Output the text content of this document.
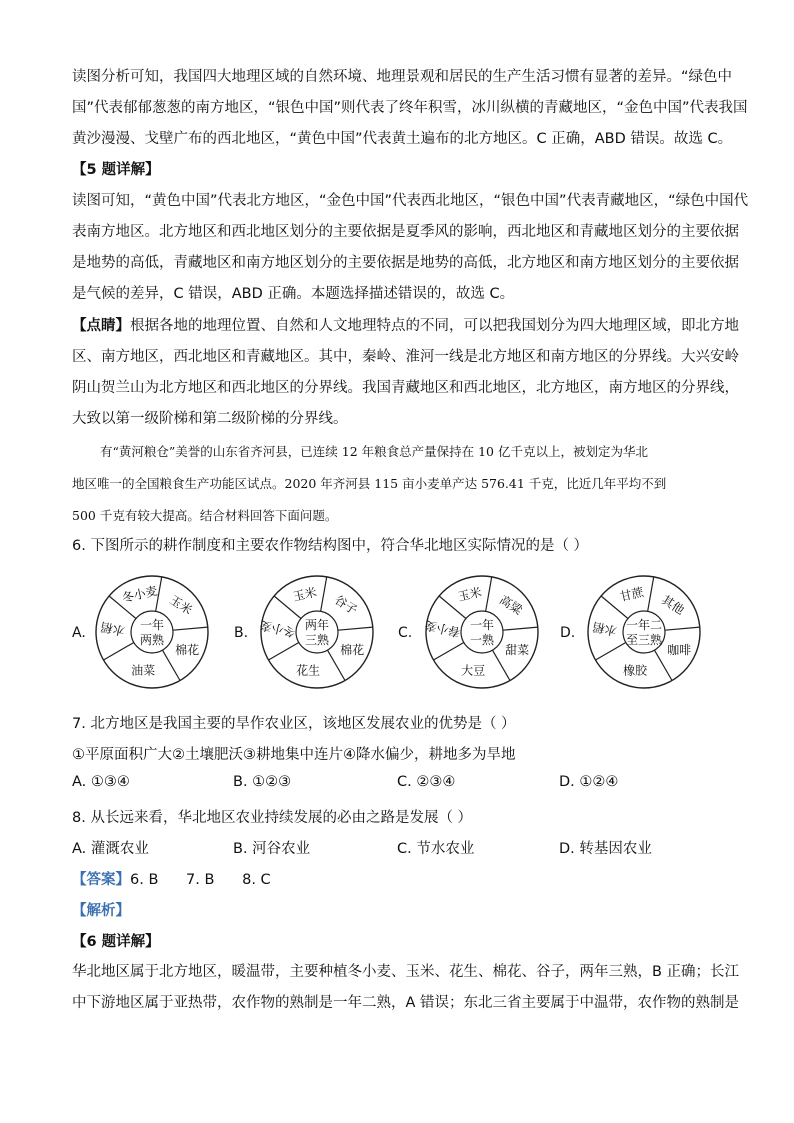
读图分析可知，我国四大地理区域的自然环境、地理景观和居民的生产生活习惯有显著的差异。“绿色中
国”代表郁郁葱葱的南方地区，“银色中国”则代表了终年积雪，冰川纵横的青藏地区，“金色中国”代表我国
黄沙漫漫、戈壁广布的西北地区，“黄色中国”代表黄土遍布的北方地区。C 正确，ABD 错误。故选 C。
【5 题详解】
读图可知，“黄色中国”代表北方地区，“金色中国”代表西北地区，“银色中国”代表青藏地区，“绿色中国代
表南方地区。北方地区和西北地区划分的主要依据是夏季风的影响，西北地区和青藏地区划分的主要依据
是地势的高低，青藏地区和南方地区划分的主要依据是地势的高低，北方地区和南方地区划分的主要依据
是气候的差异，C 错误，ABD 正确。本题选择描述错误的，故选 C。
【点睛】根据各地的地理位置、自然和人文地理特点的不同，可以把我国划分为四大地理区域，即北方地
区、南方地区，西北地区和青藏地区。其中，秦岭、淮河一线是北方地区和南方地区的分界线。大兴安岭
阴山贺兰山为北方地区和西北地区的分界线。我国青藏地区和西北地区，北方地区，南方地区的分界线，
大致以第一级阶梯和第二级阶梯的分界线。
有“黄河粮仓”美誉的山东省齐河县，已连续 12 年粮食总产量保持在 10 亿千克以上，被划定为华北
地区唯一的全国粮食生产功能区试点。2020 年齐河县 115 亩小麦单产达 576.41 千克，比近几年平均不到
500 千克有较大提高。结合材料回答下面问题。
6. 下图所示的耕作制度和主要农作物结构图中，符合华北地区实际情况的是（ ）
一年
两熟
冬小麦 玉米
棉花
油菜
水稻
A.	两年
三熟
玉米 谷子
棉花
花生
冬小麦
B.	一年
一熟
玉米 高粱
甜菜
大豆
春小麦
C.	一年二
至三熟
甘蔗 其他
咖啡
橡胶
水稻
D.
7. 北方地区是我国主要的旱作农业区，该地区发展农业的优势是（ ）
①平原面积广大②土壤肥沃③耕地集中连片④降水偏少，耕地多为旱地
A. ①③④	B. ①②③	C. ②③④	D. ①②④
8. 从长远来看，华北地区农业持续发展的必由之路是发展（ ）
A. 灌溉农业	B. 河谷农业	C. 节水农业	D. 转基因农业
【答案】6. B      7. B      8. C
【解析】
【6 题详解】
华北地区属于北方地区，暖温带，主要种植冬小麦、玉米、花生、棉花、谷子，两年三熟，B 正确；长江
中下游地区属于亚热带，农作物的熟制是一年二熟，A 错误；东北三省主要属于中温带，农作物的熟制是
